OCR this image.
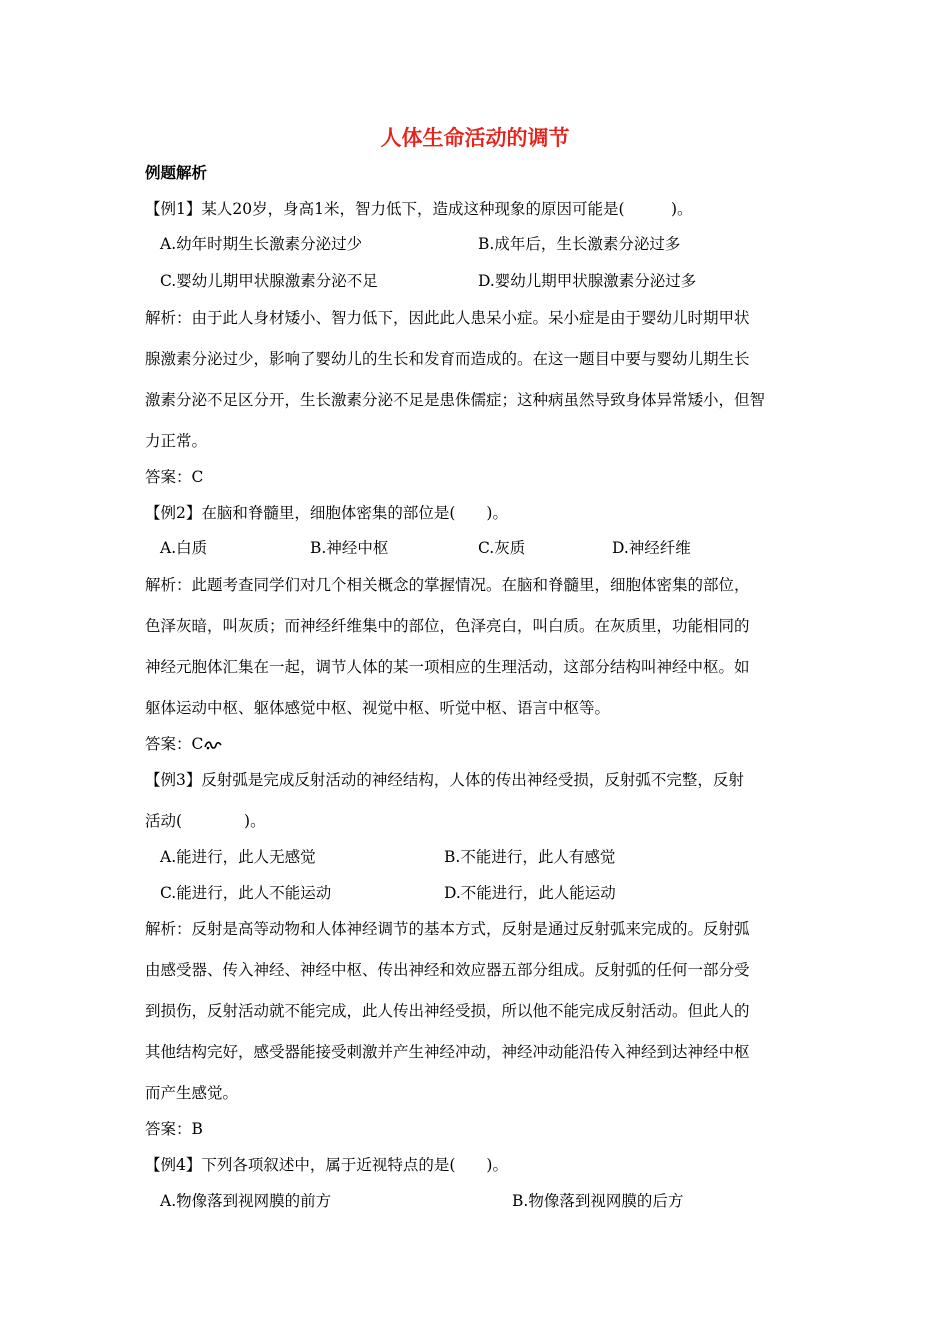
人体生命活动的调节
例题解析
【例1】某人20岁，身高1米，智力低下，造成这种现象的原因可能是(　　　)。
A.幼年时期生长激素分泌过少	B.成年后，生长激素分泌过多
C.婴幼儿期甲状腺激素分泌不足	D.婴幼儿期甲状腺激素分泌过多
解析：由于此人身材矮小、智力低下，因此此人患呆小症。呆小症是由于婴幼儿时期甲状
腺激素分泌过少，影响了婴幼儿的生长和发育而造成的。在这一题目中要与婴幼儿期生长
激素分泌不足区分开，生长激素分泌不足是患侏儒症；这种病虽然导致身体异常矮小，但智
力正常。
答案：C
【例2】在脑和脊髓里，细胞体密集的部位是(　　)。
A.白质	B.神经中枢	C.灰质	D.神经纤维
解析：此题考查同学们对几个相关概念的掌握情况。在脑和脊髓里，细胞体密集的部位，
色泽灰暗，叫灰质；而神经纤维集中的部位，色泽亮白，叫白质。在灰质里，功能相同的
神经元胞体汇集在一起，调节人体的某一项相应的生理活动，这部分结构叫神经中枢。如
躯体运动中枢、躯体感觉中枢、视觉中枢、听觉中枢、语言中枢等。
答案：C
【例3】反射弧是完成反射活动的神经结构，人体的传出神经受损，反射弧不完整，反射
活动(　　　　)。
A.能进行，此人无感觉	B.不能进行，此人有感觉
C.能进行，此人不能运动	D.不能进行，此人能运动
解析：反射是高等动物和人体神经调节的基本方式，反射是通过反射弧来完成的。反射弧
由感受器、传入神经、神经中枢、传出神经和效应器五部分组成。反射弧的任何一部分受
到损伤，反射活动就不能完成，此人传出神经受损，所以他不能完成反射活动。但此人的
其他结构完好，感受器能接受刺激并产生神经冲动，神经冲动能沿传入神经到达神经中枢
而产生感觉。
答案：B
【例4】下列各项叙述中，属于近视特点的是(　　)。
A.物像落到视网膜的前方	B.物像落到视网膜的后方
